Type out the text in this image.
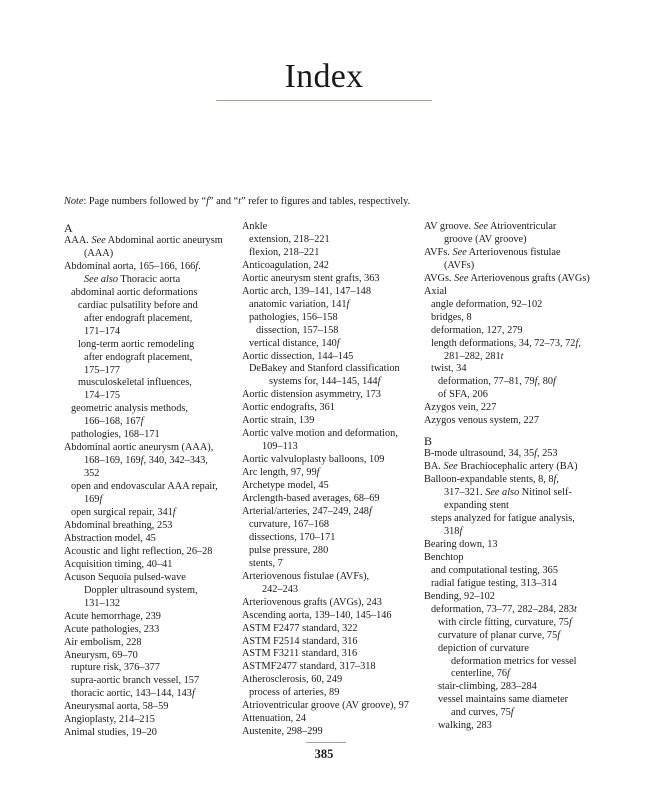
Index
Note: Page numbers followed by “f” and “t” refer to figures and tables, respectively.
A
AAA. See Abdominal aortic aneurysm
(AAA)
Abdominal aorta, 165–166, 166f.
See also Thoracic aorta
abdominal aortic deformations
cardiac pulsatility before and
after endograft placement,
171–174
long-term aortic remodeling
after endograft placement,
175–177
musculoskeletal influences,
174–175
geometric analysis methods,
166–168, 167f
pathologies, 168–171
Abdominal aortic aneurysm (AAA),
168–169, 169f, 340, 342–343,
352
open and endovascular AAA repair,
169f
open surgical repair, 341f
Abdominal breathing, 253
Abstraction model, 45
Acoustic and light reflection, 26–28
Acquisition timing, 40–41
Acuson Sequoia pulsed-wave
Doppler ultrasound system,
131–132
Acute hemorrhage, 239
Acute pathologies, 233
Air embolism, 228
Aneurysm, 69–70
rupture risk, 376–377
supra-aortic branch vessel, 157
thoracic aortic, 143–144, 143f
Aneurysmal aorta, 58–59
Angioplasty, 214–215
Animal studies, 19–20
Ankle
extension, 218–221
flexion, 218–221
Anticoagulation, 242
Aortic aneurysm stent grafts, 363
Aortic arch, 139–141, 147–148
anatomic variation, 141f
pathologies, 156–158
dissection, 157–158
vertical distance, 140f
Aortic dissection, 144–145
DeBakey and Stanford classification
systems for, 144–145, 144f
Aortic distension asymmetry, 173
Aortic endografts, 361
Aortic strain, 139
Aortic valve motion and deformation,
109–113
Aortic valvuloplasty balloons, 109
Arc length, 97, 99f
Archetype model, 45
Arclength-based averages, 68–69
Arterial/arteries, 247–249, 248f
curvature, 167–168
dissections, 170–171
pulse pressure, 280
stents, 7
Arteriovenous fistulae (AVFs),
242–243
Arteriovenous grafts (AVGs), 243
Ascending aorta, 139–140, 145–146
ASTM F2477 standard, 322
ASTM F2514 standard, 316
ASTM F3211 standard, 316
ASTMF2477 standard, 317–318
Atherosclerosis, 60, 249
process of arteries, 89
Atrioventricular groove (AV groove), 97
Attenuation, 24
Austenite, 298–299
AV groove. See Atrioventricular
groove (AV groove)
AVFs. See Arteriovenous fistulae
(AVFs)
AVGs. See Arteriovenous grafts (AVGs)
Axial
angle deformation, 92–102
bridges, 8
deformation, 127, 279
length deformations, 34, 72–73, 72f,
281–282, 281t
twist, 34
deformation, 77–81, 79f, 80f
of SFA, 206
Azygos vein, 227
Azygos venous system, 227
B
B-mode ultrasound, 34, 35f, 253
BA. See Brachiocephalic artery (BA)
Balloon-expandable stents, 8, 8f,
317–321. See also Nitinol self-
expanding stent
steps analyzed for fatigue analysis,
318f
Bearing down, 13
Benchtop
and computational testing, 365
radial fatigue testing, 313–314
Bending, 92–102
deformation, 73–77, 282–284, 283t
with circle fitting, curvature, 75f
curvature of planar curve, 75f
depiction of curvature
deformation metrics for vessel
centerline, 76f
stair-climbing, 283–284
vessel maintains same diameter
and curves, 75f
walking, 283
385
